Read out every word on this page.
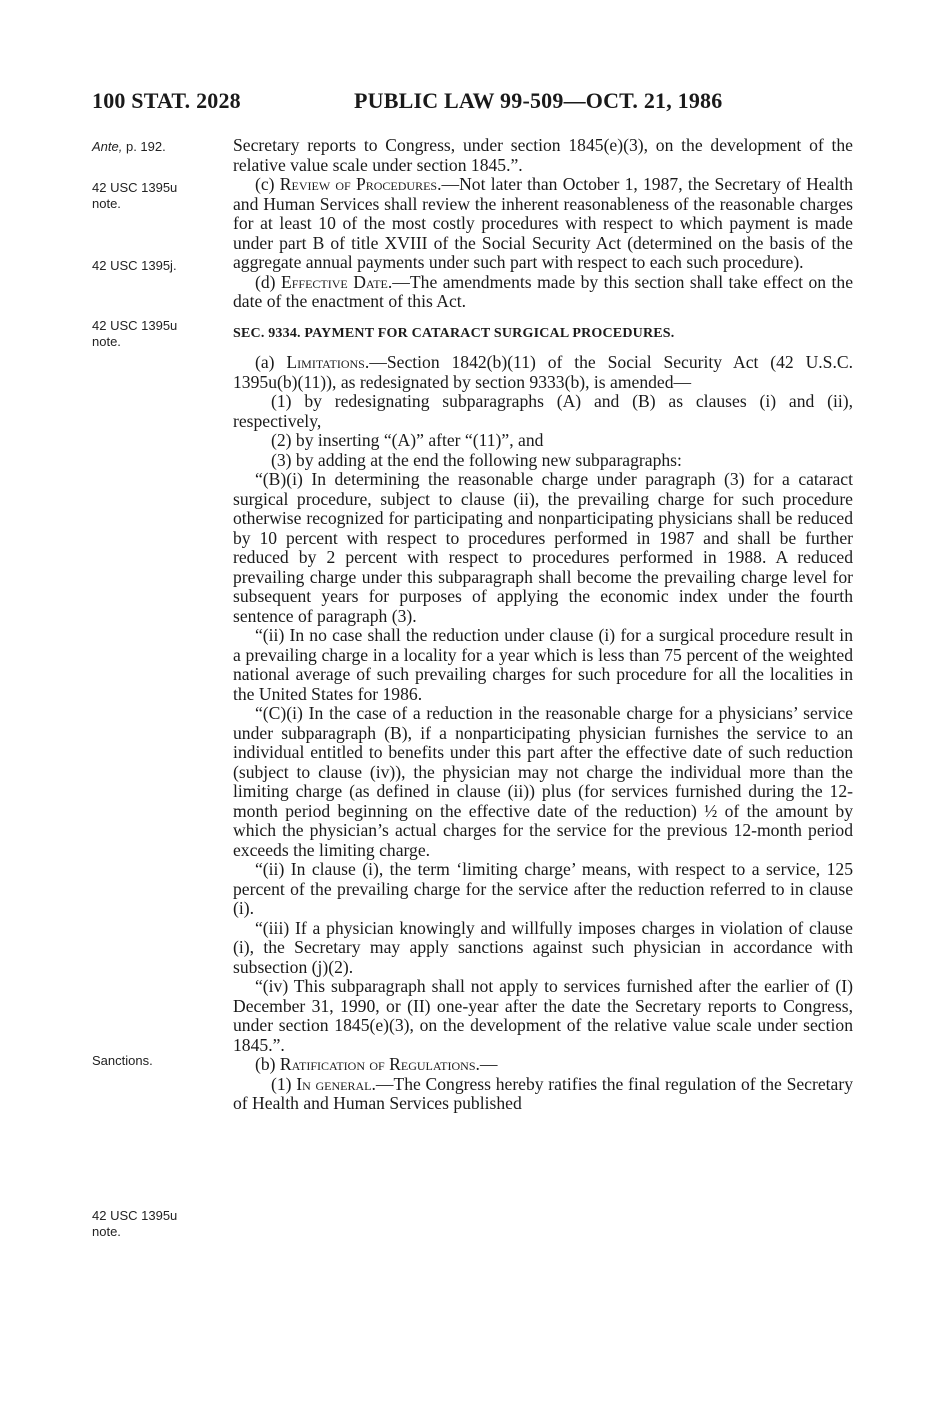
100 STAT. 2028	PUBLIC LAW 99-509—OCT. 21, 1986
Ante, p. 192.
42 USC 1395u
note.
42 USC 1395j.
42 USC 1395u
note.
Sanctions.
42 USC 1395u
note.

Secretary reports to Congress, under section 1845(e)(3), on the development of the relative value scale under section 1845.”.

(c) Review of Procedures.—Not later than October 1, 1987, the Secretary of Health and Human Services shall review the inherent reasonableness of the reasonable charges for at least 10 of the most costly procedures with respect to which payment is made under part B of title XVIII of the Social Security Act (determined on the basis of the aggregate annual payments under such part with respect to each such procedure).

(d) Effective Date.—The amendments made by this section shall take effect on the date of the enactment of this Act.

SEC. 9334. PAYMENT FOR CATARACT SURGICAL PROCEDURES.

(a) Limitations.—Section 1842(b)(11) of the Social Security Act (42 U.S.C. 1395u(b)(11)), as redesignated by section 9333(b), is amended—

(1) by redesignating subparagraphs (A) and (B) as clauses (i) and (ii), respectively,

(2) by inserting “(A)” after “(11)”, and

(3) by adding at the end the following new subparagraphs:

“(B)(i) In determining the reasonable charge under paragraph (3) for a cataract surgical procedure, subject to clause (ii), the prevailing charge for such procedure otherwise recognized for participating and nonparticipating physicians shall be reduced by 10 percent with respect to procedures performed in 1987 and shall be further reduced by 2 percent with respect to procedures performed in 1988. A reduced prevailing charge under this subparagraph shall become the prevailing charge level for subsequent years for purposes of applying the economic index under the fourth sentence of paragraph (3).

“(ii) In no case shall the reduction under clause (i) for a surgical procedure result in a prevailing charge in a locality for a year which is less than 75 percent of the weighted national average of such prevailing charges for such procedure for all the localities in the United States for 1986.

“(C)(i) In the case of a reduction in the reasonable charge for a physicians’ service under subparagraph (B), if a nonparticipating physician furnishes the service to an individual entitled to benefits under this part after the effective date of such reduction (subject to clause (iv)), the physician may not charge the individual more than the limiting charge (as defined in clause (ii)) plus (for services furnished during the 12-month period beginning on the effective date of the reduction) ½ of the amount by which the physician’s actual charges for the service for the previous 12-month period exceeds the limiting charge.

“(ii) In clause (i), the term ‘limiting charge’ means, with respect to a service, 125 percent of the prevailing charge for the service after the reduction referred to in clause (i).

“(iii) If a physician knowingly and willfully imposes charges in violation of clause (i), the Secretary may apply sanctions against such physician in accordance with subsection (j)(2).

“(iv) This subparagraph shall not apply to services furnished after the earlier of (I) December 31, 1990, or (II) one-year after the date the Secretary reports to Congress, under section 1845(e)(3), on the development of the relative value scale under section 1845.”.

(b) Ratification of Regulations.—

(1) In general.—The Congress hereby ratifies the final regulation of the Secretary of Health and Human Services published
